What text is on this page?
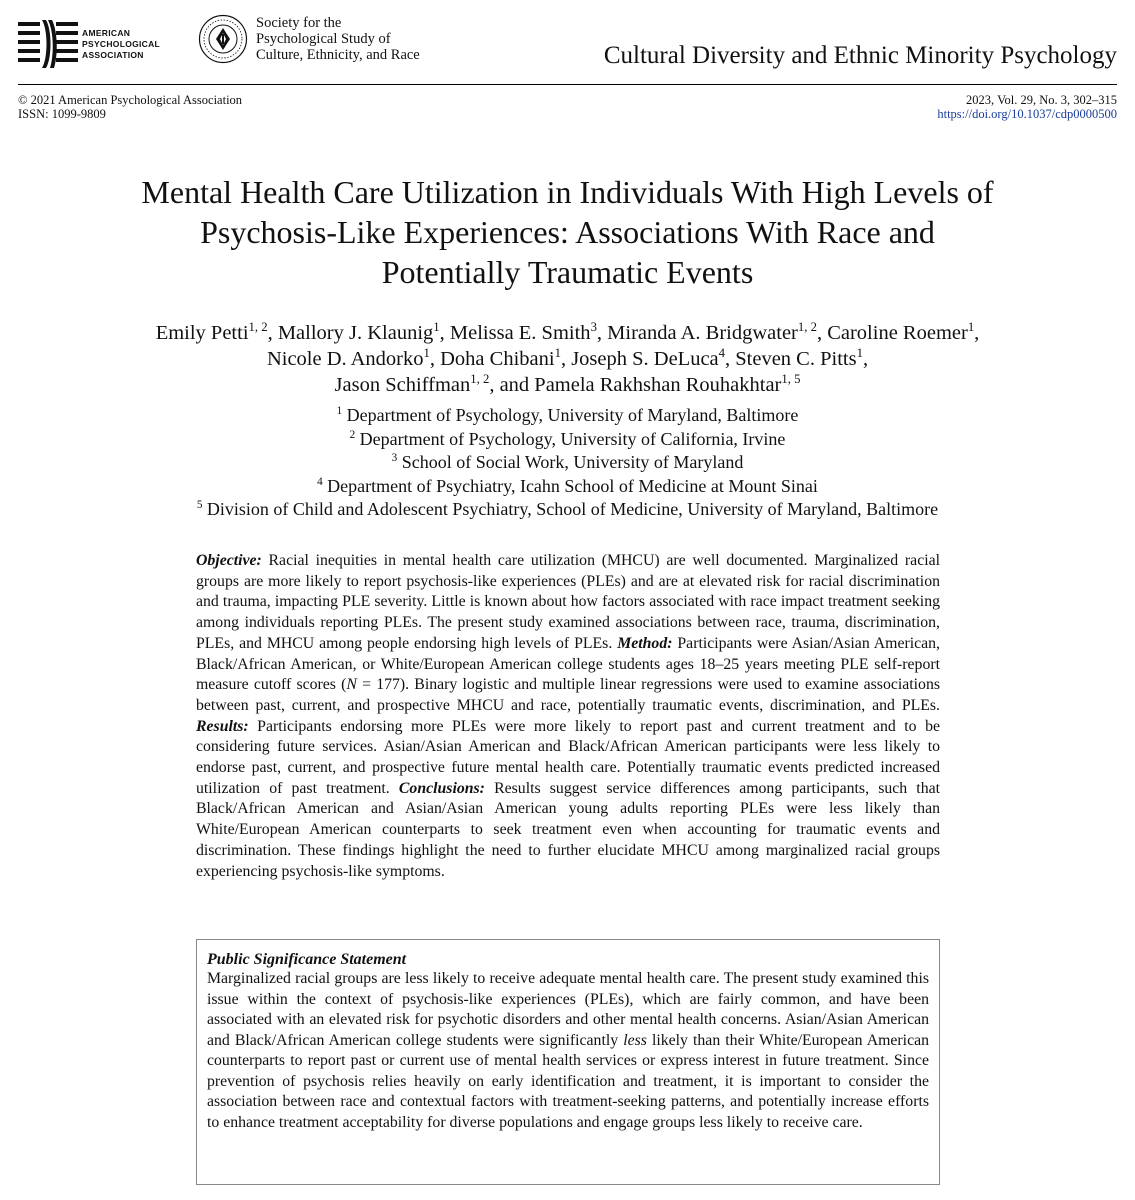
AMERICAN
PSYCHOLOGICAL
ASSOCIATION
Society for the
Psychological Study of
Culture, Ethnicity, and Race	Cultural Diversity and Ethnic Minority Psychology
© 2021 American Psychological Association
ISSN: 1099-9809
2023, Vol. 29, No. 3, 302–315
https://doi.org/10.1037/cdp0000500
Mental Health Care Utilization in Individuals With High Levels of
Psychosis-Like Experiences: Associations With Race and
Potentially Traumatic Events
Emily Petti$^{1, 2}$, Mallory J. Klaunig$^1$, Melissa E. Smith$^3$, Miranda A. Bridgwater$^{1, 2}$, Caroline Roemer$^1$,
Nicole D. Andorko$^1$, Doha Chibani$^1$, Joseph S. DeLuca$^4$, Steven C. Pitts$^1$,
Jason Schiffman$^{1, 2}$, and Pamela Rakhshan Rouhakhtar$^{1, 5}$
$^1$ Department of Psychology, University of Maryland, Baltimore
$^2$ Department of Psychology, University of California, Irvine
$^3$ School of Social Work, University of Maryland
$^4$ Department of Psychiatry, Icahn School of Medicine at Mount Sinai
$^5$ Division of Child and Adolescent Psychiatry, School of Medicine, University of Maryland, Baltimore
Objective: Racial inequities in mental health care utilization (MHCU) are well documented. Marginalized racial groups are more likely to report psychosis-like experiences (PLEs) and are at elevated risk for racial discrimination and trauma, impacting PLE severity. Little is known about how factors associated with race impact treatment seeking among individuals reporting PLEs. The present study examined associations between race, trauma, discrimination, PLEs, and MHCU among people endorsing high levels of PLEs. Method: Participants were Asian/Asian American, Black/African American, or White/European American college students ages 18–25 years meeting PLE self-report measure cutoff scores (N = 177). Binary logistic and multiple linear regressions were used to examine associations between past, current, and prospective MHCU and race, potentially traumatic events, discrimination, and PLEs. Results: Participants endorsing more PLEs were more likely to report past and current treatment and to be considering future services. Asian/Asian American and Black/African American participants were less likely to endorse past, current, and prospective future mental health care. Potentially traumatic events predicted increased utilization of past treatment. Conclusions: Results suggest service differences among participants, such that Black/African American and Asian/Asian American young adults reporting PLEs were less likely than White/European American counterparts to seek treatment even when accounting for traumatic events and discrimination. These findings highlight the need to further elucidate MHCU among marginalized racial groups experiencing psychosis-like symptoms.
Public Significance Statement
Marginalized racial groups are less likely to receive adequate mental health care. The present study examined this issue within the context of psychosis-like experiences (PLEs), which are fairly common, and have been associated with an elevated risk for psychotic disorders and other mental health concerns. Asian/Asian American and Black/African American college students were significantly less likely than their White/European American counterparts to report past or current use of mental health services or express interest in future treatment. Since prevention of psychosis relies heavily on early identification and treatment, it is important to consider the association between race and contextual factors with treatment-seeking patterns, and potentially increase efforts to enhance treatment acceptability for diverse populations and engage groups less likely to receive care.
